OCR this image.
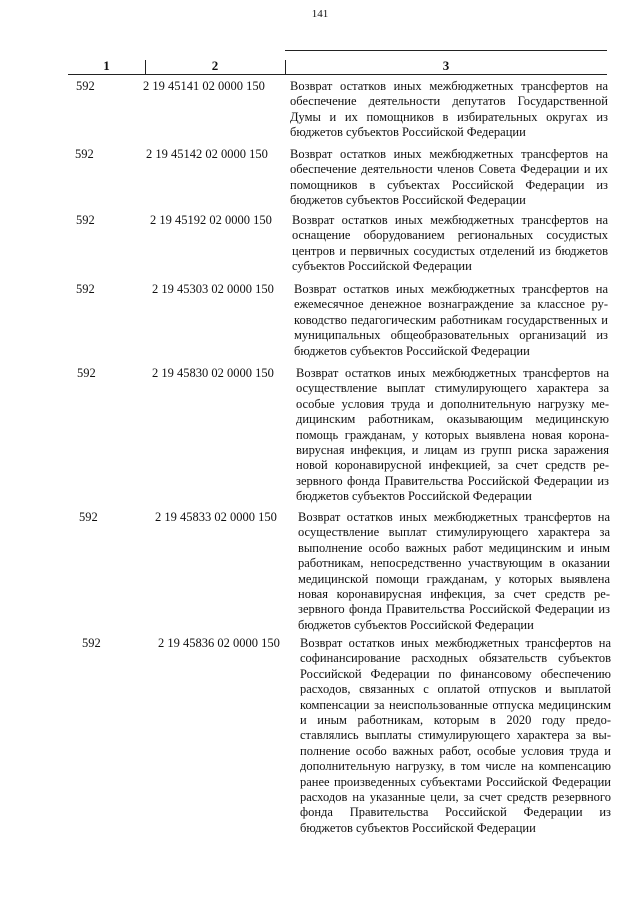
141
1	2	3
592	2 19 45141 02 0000 150 Возврат остатков иных межбюджетных трансфертов на обеспечение деятельности депутатов Государственной Думы и их помощников в избирательных округах из бюджетов субъектов Российской Федерации
592	2 19 45142 02 0000 150 Возврат остатков иных межбюджетных трансфертов на обеспечение деятельности членов Совета Федерации и их помощников в субъектах Российской Федерации из бюджетов субъектов Российской Федерации
592	2 19 45192 02 0000 150 Возврат остатков иных межбюджетных трансфертов на оснащение оборудованием региональных сосудистых центров и первичных сосудистых отделений из бюджетов субъектов Российской Федерации
592	2 19 45303 02 0000 150 Возврат остатков иных межбюджетных трансфертов на ежемесячное денежное вознаграждение за классное руководство педагогическим работникам государственных и муниципальных общеобразовательных организаций из бюджетов субъектов Российской Федерации
592	2 19 45830 02 0000 150 Возврат остатков иных межбюджетных трансфертов на осуществление выплат стимулирующего характера за особые условия труда и дополнительную нагрузку медицинским работникам, оказывающим медицинскую помощь гражданам, у которых выявлена новая коронавирусная инфекция, и лицам из групп риска заражения новой коронавирусной инфекцией, за счет средств резервного фонда Правительства Российской Федерации из бюджетов субъектов Российской Федерации
592	2 19 45833 02 0000 150 Возврат остатков иных межбюджетных трансфертов на осуществление выплат стимулирующего характера за выполнение особо важных работ медицинским и иным работникам, непосредственно участвующим в оказании медицинской помощи гражданам, у которых выявлена новая коронавирусная инфекция, за счет средств резервного фонда Правительства Российской Федерации из бюджетов субъектов Российской Федерации
592	2 19 45836 02 0000 150 Возврат остатков иных межбюджетных трансфертов на софинансирование расходных обязательств субъектов Российской Федерации по финансовому обеспечению расходов, связанных с оплатой отпусков и выплатой компенсации за неиспользованные отпуска медицинским и иным работникам, которым в 2020 году предоставлялись выплаты стимулирующего характера за выполнение особо важных работ, особые условия труда и дополнительную нагрузку, в том числе на компенсацию ранее произведенных субъектами Российской Федерации расходов на указанные цели, за счет средств резервного фонда Правительства Российской Федерации из бюджетов субъектов Российской Федерации
